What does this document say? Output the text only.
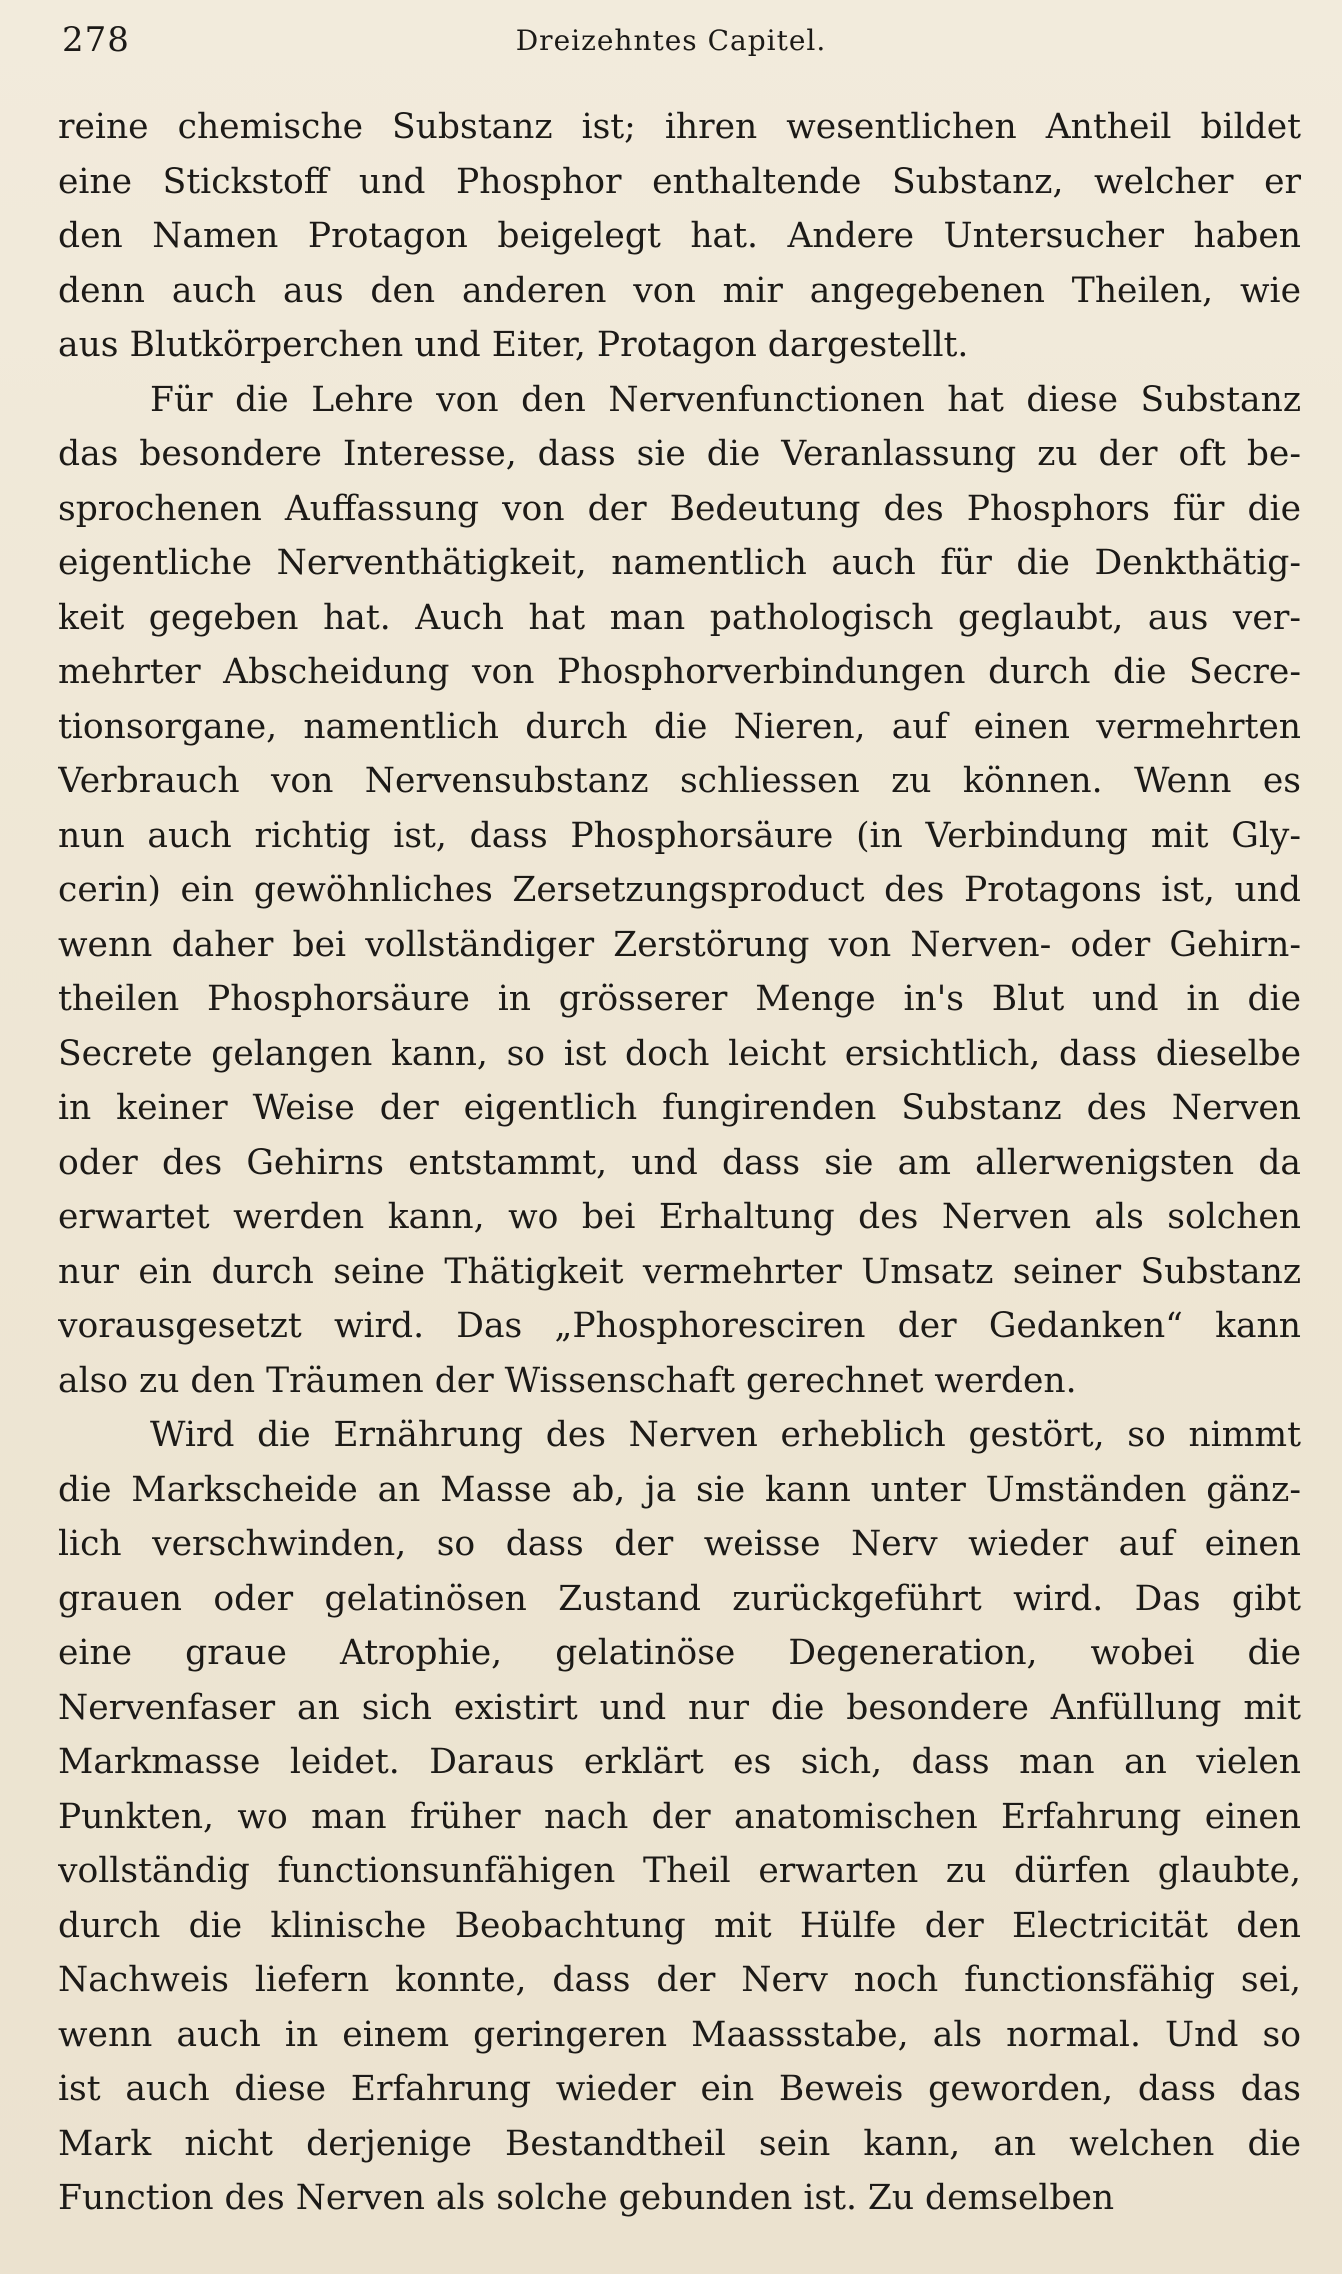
278	Dreizehntes Capitel.
reine chemische Substanz ist; ihren wesentlichen Antheil bildet
eine Stickstoff und Phosphor enthaltende Substanz, welcher er
den Namen Protagon beigelegt hat. Andere Untersucher haben
denn auch aus den anderen von mir angegebenen Theilen, wie
aus Blutkörperchen und Eiter, Protagon dargestellt.
Für die Lehre von den Nervenfunctionen hat diese Substanz
das besondere Interesse, dass sie die Veranlassung zu der oft be-
sprochenen Auffassung von der Bedeutung des Phosphors für die
eigentliche Nerventhätigkeit, namentlich auch für die Denkthätig-
keit gegeben hat. Auch hat man pathologisch geglaubt, aus ver-
mehrter Abscheidung von Phosphorverbindungen durch die Secre-
tionsorgane, namentlich durch die Nieren, auf einen vermehrten
Verbrauch von Nervensubstanz schliessen zu können. Wenn es
nun auch richtig ist, dass Phosphorsäure (in Verbindung mit Gly-
cerin) ein gewöhnliches Zersetzungsproduct des Protagons ist, und
wenn daher bei vollständiger Zerstörung von Nerven- oder Gehirn-
theilen Phosphorsäure in grösserer Menge in's Blut und in die
Secrete gelangen kann, so ist doch leicht ersichtlich, dass dieselbe
in keiner Weise der eigentlich fungirenden Substanz des Nerven
oder des Gehirns entstammt, und dass sie am allerwenigsten da
erwartet werden kann, wo bei Erhaltung des Nerven als solchen
nur ein durch seine Thätigkeit vermehrter Umsatz seiner Substanz
vorausgesetzt wird. Das „Phosphoresciren der Gedanken“ kann
also zu den Träumen der Wissenschaft gerechnet werden.
Wird die Ernährung des Nerven erheblich gestört, so nimmt
die Markscheide an Masse ab, ja sie kann unter Umständen gänz-
lich verschwinden, so dass der weisse Nerv wieder auf einen
grauen oder gelatinösen Zustand zurückgeführt wird. Das gibt
eine graue Atrophie, gelatinöse Degeneration, wobei die
Nervenfaser an sich existirt und nur die besondere Anfüllung mit
Markmasse leidet. Daraus erklärt es sich, dass man an vielen
Punkten, wo man früher nach der anatomischen Erfahrung einen
vollständig functionsunfähigen Theil erwarten zu dürfen glaubte,
durch die klinische Beobachtung mit Hülfe der Electricität den
Nachweis liefern konnte, dass der Nerv noch functionsfähig sei,
wenn auch in einem geringeren Maassstabe, als normal. Und so
ist auch diese Erfahrung wieder ein Beweis geworden, dass das
Mark nicht derjenige Bestandtheil sein kann, an welchen die
Function des Nerven als solche gebunden ist. Zu demselben
